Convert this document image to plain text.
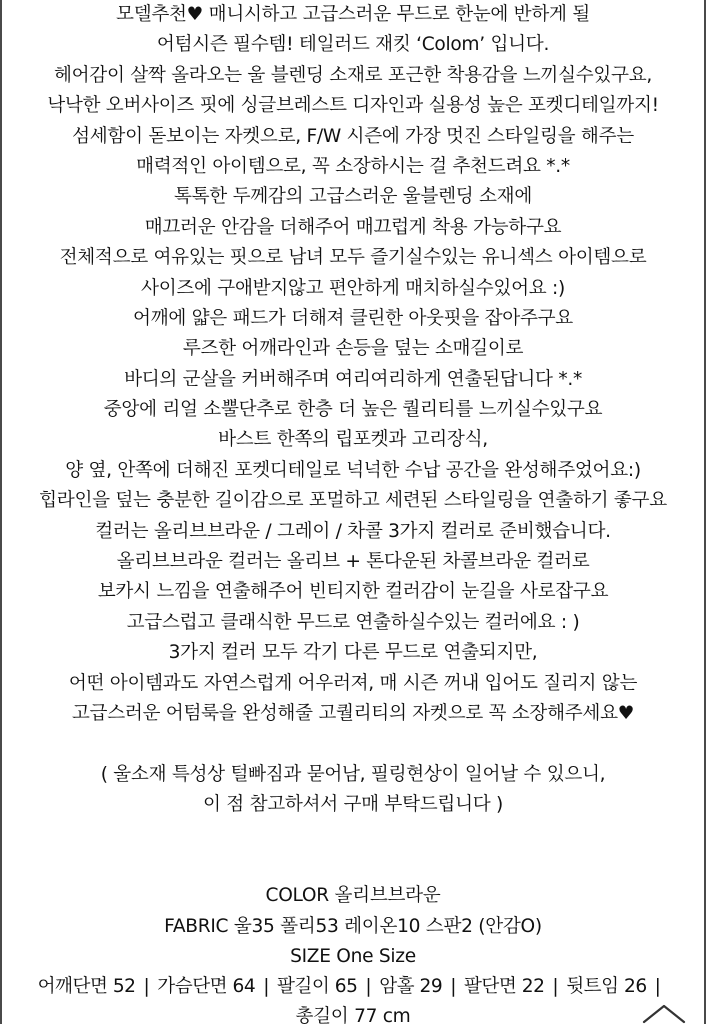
모델추천♥ 매니시하고 고급스러운 무드로 한눈에 반하게 될
어텀시즌 필수템! 테일러드 재킷 ‘Colom’ 입니다.
헤어감이 살짝 올라오는 울 블렌딩 소재로 포근한 착용감을 느끼실수있구요,
낙낙한 오버사이즈 핏에 싱글브레스트 디자인과 실용성 높은 포켓디테일까지!
섬세함이 돋보이는 자켓으로, F/W 시즌에 가장 멋진 스타일링을 해주는
매력적인 아이템으로, 꼭 소장하시는 걸 추천드려요 *.*
톡톡한 두께감의 고급스러운 울블렌딩 소재에
매끄러운 안감을 더해주어 매끄럽게 착용 가능하구요
전체적으로 여유있는 핏으로 남녀 모두 즐기실수있는 유니섹스 아이템으로
사이즈에 구애받지않고 편안하게 매치하실수있어요 :)
어깨에 얇은 패드가 더해져 클린한 아웃핏을 잡아주구요
루즈한 어깨라인과 손등을 덮는 소매길이로
바디의 군살을 커버해주며 여리여리하게 연출된답니다 *.*
중앙에 리얼 소뿔단추로 한층 더 높은 퀄리티를 느끼실수있구요
바스트 한쪽의 립포켓과 고리장식,
양 옆, 안쪽에 더해진 포켓디테일로 넉넉한 수납 공간을 완성해주었어요:)
힙라인을 덮는 충분한 길이감으로 포멀하고 세련된 스타일링을 연출하기 좋구요
컬러는 올리브브라운 / 그레이 / 차콜 3가지 컬러로 준비했습니다.
올리브브라운 컬러는 올리브 + 톤다운된 차콜브라운 컬러로
보카시 느낌을 연출해주어 빈티지한 컬러감이 눈길을 사로잡구요
고급스럽고 클래식한 무드로 연출하실수있는 컬러에요 : )
3가지 컬러 모두 각기 다른 무드로 연출되지만,
어떤 아이템과도 자연스럽게 어우러져, 매 시즌 꺼내 입어도 질리지 않는
고급스러운 어텀룩을 완성해줄 고퀄리티의 자켓으로 꼭 소장해주세요♥
( 울소재 특성상 털빠짐과 묻어남, 필링현상이 일어날 수 있으니,
이 점 참고하셔서 구매 부탁드립니다 )
COLOR 올리브브라운
FABRIC 울35 폴리53 레이온10 스판2 (안감O)
SIZE One Size
어깨단면 52 | 가슴단면 64 | 팔길이 65 | 암홀 29 | 팔단면 22 | 뒷트임 26 |
총길이 77 cm
